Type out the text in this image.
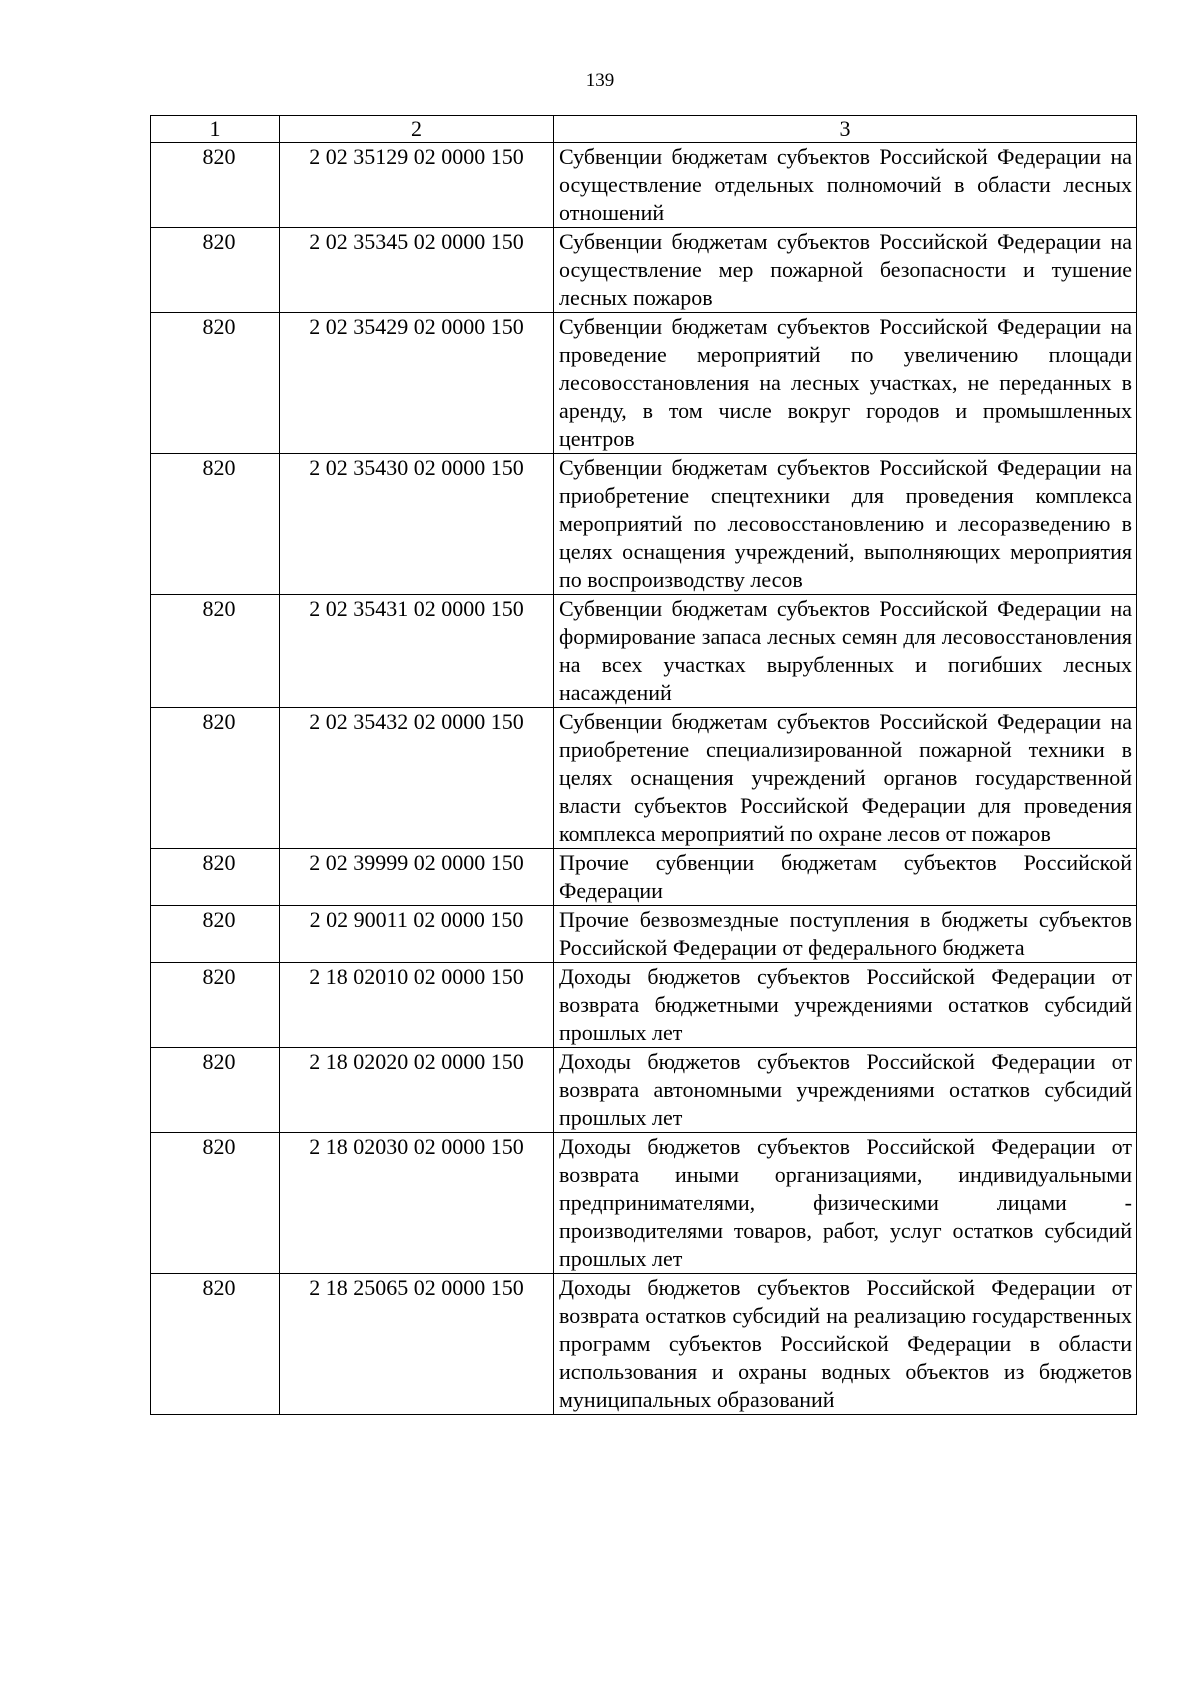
139
1	2	3
820	2 02 35129 02 0000 150	Субвенции бюджетам субъектов Российской Федерации на осуществление отдельных полномочий в области лесных отношений
820	2 02 35345 02 0000 150	Субвенции бюджетам субъектов Российской Федерации на осуществление мер пожарной безопасности и тушение лесных пожаров
820	2 02 35429 02 0000 150	Субвенции бюджетам субъектов Российской Федерации на проведение мероприятий по увеличению площади лесовосстановления на лесных участках, не переданных в аренду, в том числе вокруг городов и промышленных центров
820	2 02 35430 02 0000 150	Субвенции бюджетам субъектов Российской Федерации на приобретение спецтехники для проведения комплекса мероприятий по лесовосстановлению и лесоразведению в целях оснащения учреждений, выполняющих мероприятия по воспроизводству лесов
820	2 02 35431 02 0000 150	Субвенции бюджетам субъектов Российской Федерации на формирование запаса лесных семян для лесовосстановления на всех участках вырубленных и погибших лесных насаждений
820	2 02 35432 02 0000 150	Субвенции бюджетам субъектов Российской Федерации на приобретение специализированной пожарной техники в целях оснащения учреждений органов государственной власти субъектов Российской Федерации для проведения комплекса мероприятий по охране лесов от пожаров
820	2 02 39999 02 0000 150	Прочие субвенции бюджетам субъектов Российской Федерации
820	2 02 90011 02 0000 150	Прочие безвозмездные поступления в бюджеты субъектов Российской Федерации от федерального бюджета
820	2 18 02010 02 0000 150	Доходы бюджетов субъектов Российской Федерации от возврата бюджетными учреждениями остатков субсидий прошлых лет
820	2 18 02020 02 0000 150	Доходы бюджетов субъектов Российской Федерации от возврата автономными учреждениями остатков субсидий прошлых лет
820	2 18 02030 02 0000 150	Доходы бюджетов субъектов Российской Федерации от возврата иными организациями, индивидуальными предпринимателями, физическими лицами - производителями товаров, работ, услуг остатков субсидий прошлых лет
820	2 18 25065 02 0000 150	Доходы бюджетов субъектов Российской Федерации от возврата остатков субсидий на реализацию государственных программ субъектов Российской Федерации в области использования и охраны водных объектов из бюджетов муниципальных образований
